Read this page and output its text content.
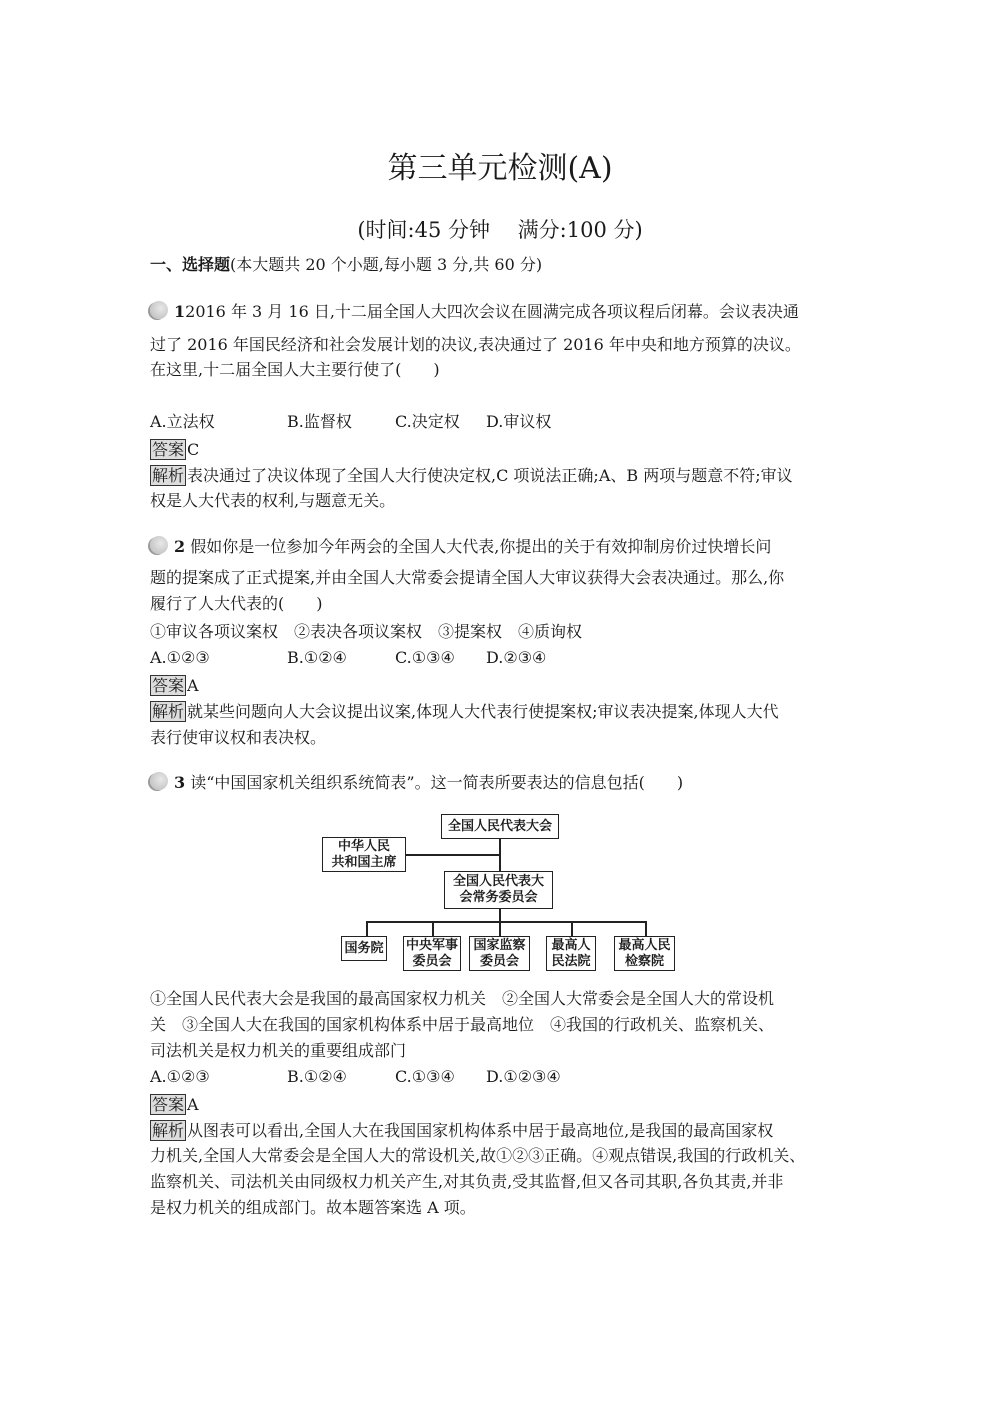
第三单元检测(A)
(时间:45 分钟　 满分:100 分)
一、选择题(本大题共 20 个小题,每小题 3 分,共 60 分)
12016 年 3 月 16 日,十二届全国人大四次会议在圆满完成各项议程后闭幕。会议表决通
过了 2016 年国民经济和社会发展计划的决议,表决通过了 2016 年中央和地方预算的决议。
在这里,十二届全国人大主要行使了(　　)
A.立法权	B.监督权	C.决定权 D.审议权
答案 C
解析 表决通过了决议体现了全国人大行使决定权,C 项说法正确;A、B 两项与题意不符;审议
权是人大代表的权利,与题意无关。
2 假如你是一位参加今年两会的全国人大代表,你提出的关于有效抑制房价过快增长问
题的提案成了正式提案,并由全国人大常委会提请全国人大审议获得大会表决通过。那么,你
履行了人大代表的(　　)
①审议各项议案权　②表决各项议案权　③提案权　④质询权
A.①②③	B.①②④	C.①③④ D.②③④
答案 A
解析 就某些问题向人大会议提出议案,体现人大代表行使提案权;审议表决提案,体现人大代
表行使审议权和表决权。
3 读“中国国家机关组织系统简表”。这一简表所要表达的信息包括(　　)
全国人民代表大会
中华人民
共和国主席
全国人民代表大
会常务委员会
国务院 中央军事
委员会
国家监察
委员会
最高人
民法院
最高人民
检察院
①全国人民代表大会是我国的最高国家权力机关　②全国人大常委会是全国人大的常设机
关　③全国人大在我国的国家机构体系中居于最高地位　④我国的行政机关、监察机关、
司法机关是权力机关的重要组成部门
A.①②③	B.①②④	C.①③④ D.①②③④
答案 A
解析 从图表可以看出,全国人大在我国国家机构体系中居于最高地位,是我国的最高国家权
力机关,全国人大常委会是全国人大的常设机关,故①②③正确。④观点错误,我国的行政机关、
监察机关、司法机关由同级权力机关产生,对其负责,受其监督,但又各司其职,各负其责,并非
是权力机关的组成部门。故本题答案选 A 项。
